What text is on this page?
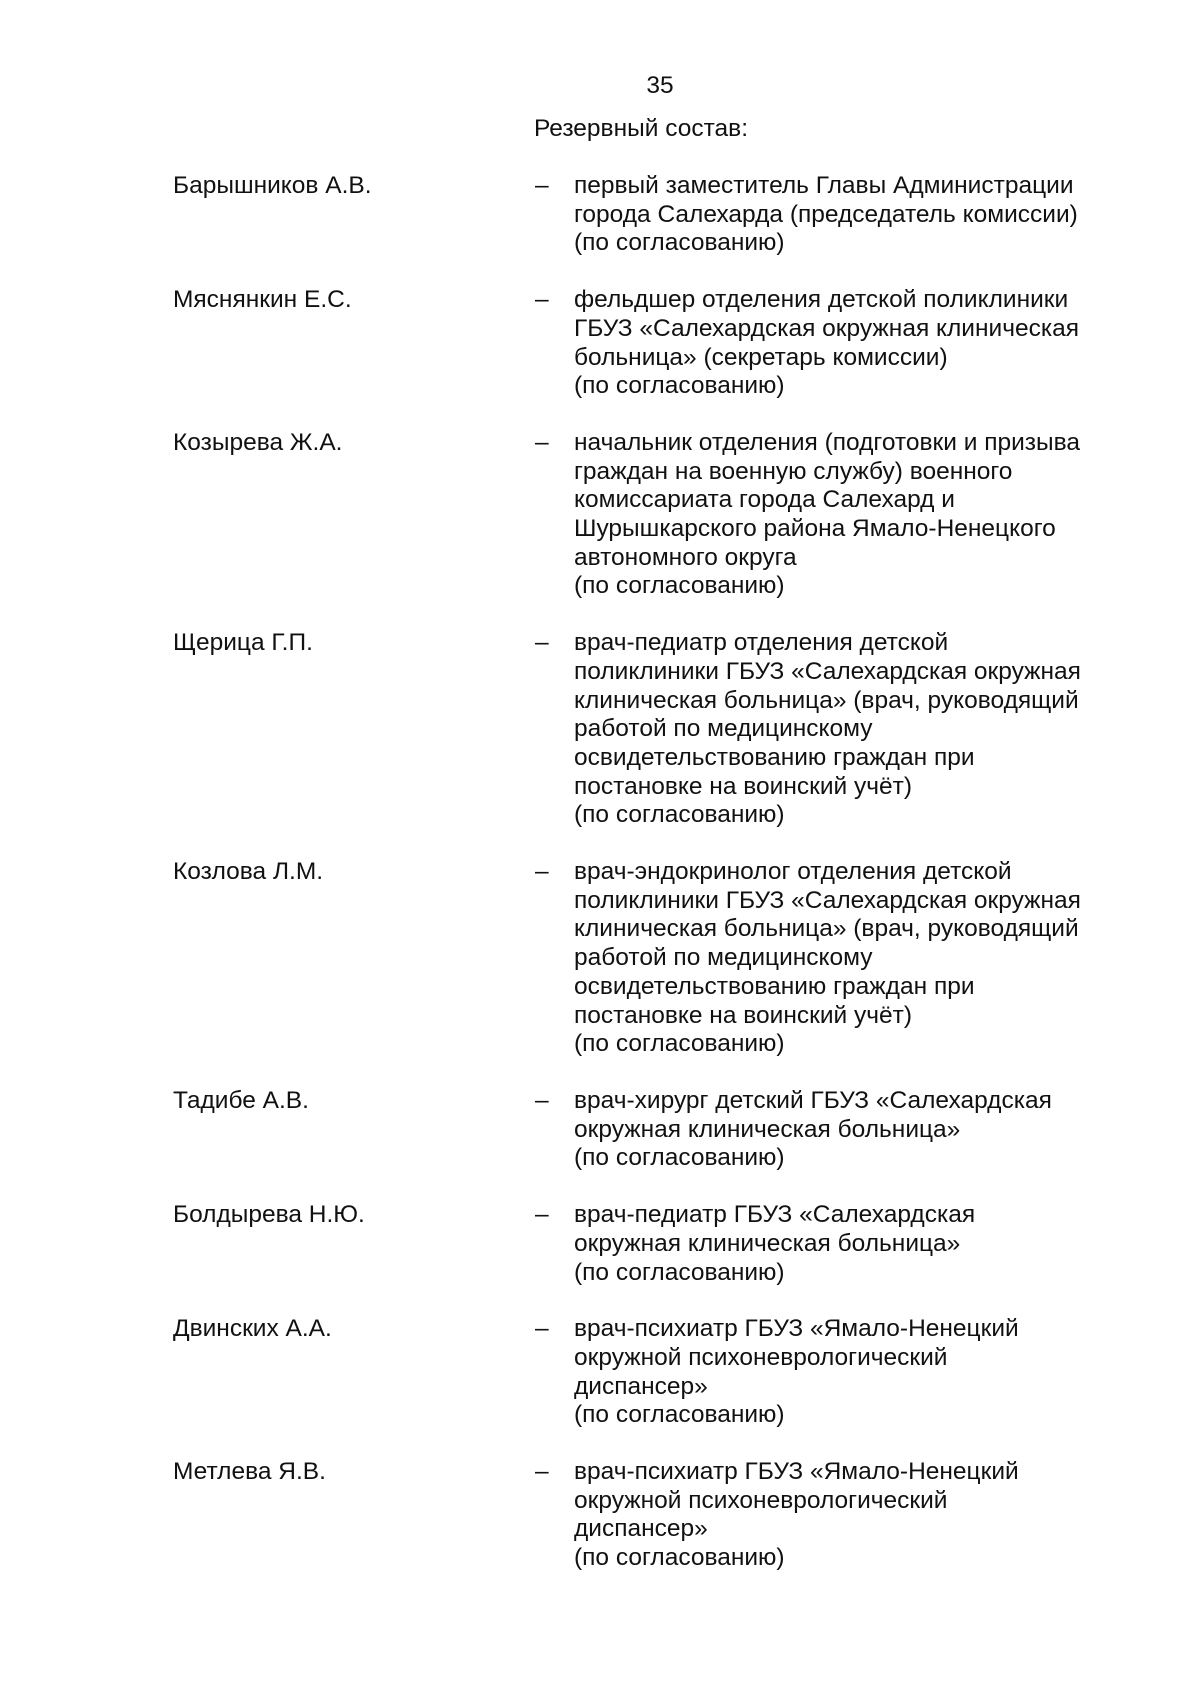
35
Резервный состав:
Барышников А.В.	–	первый заместитель Главы Администрации
города Салехарда (председатель комиссии)
(по согласованию)
Мяснянкин Е.С.	–	фельдшер отделения детской поликлиники
ГБУЗ «Салехардская окружная клиническая
больница» (секретарь комиссии)
(по согласованию)
Козырева Ж.А.	–	начальник отделения (подготовки и призыва
граждан на военную службу) военного
комиссариата города Салехард и
Шурышкарского района Ямало-Ненецкого
автономного округа
(по согласованию)
Щерица Г.П.	–	врач-педиатр отделения детской
поликлиники ГБУЗ «Салехардская окружная
клиническая больница» (врач, руководящий
работой по медицинскому
освидетельствованию граждан при
постановке на воинский учёт)
(по согласованию)
Козлова Л.М.	–	врач-эндокринолог отделения детской
поликлиники ГБУЗ «Салехардская окружная
клиническая больница» (врач, руководящий
работой по медицинскому
освидетельствованию граждан при
постановке на воинский учёт)
(по согласованию)
Тадибе А.В.	–	врач-хирург детский ГБУЗ «Салехардская
окружная клиническая больница»
(по согласованию)
Болдырева Н.Ю.	–	врач-педиатр ГБУЗ «Салехардская
окружная клиническая больница»
(по согласованию)
Двинских А.А.	–	врач-психиатр ГБУЗ «Ямало-Ненецкий
окружной психоневрологический
диспансер»
(по согласованию)
Метлева Я.В.	–	врач-психиатр ГБУЗ «Ямало-Ненецкий
окружной психоневрологический
диспансер»
(по согласованию)
